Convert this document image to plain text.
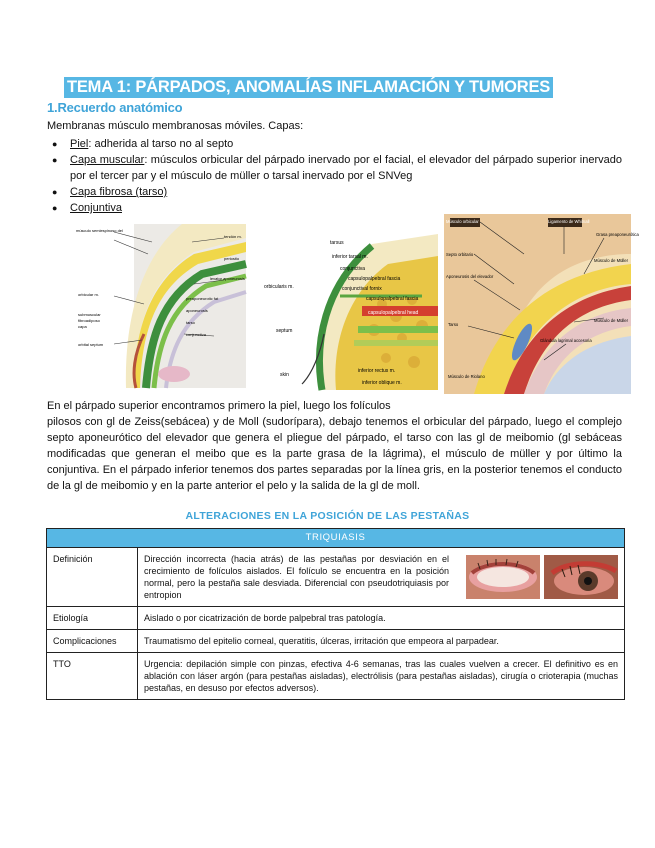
TEMA 1: PÁRPADOS, ANOMALÍAS INFLAMACIÓN Y TUMORES
1.Recuerdo anatómico
Membranas músculo membranosas móviles. Capas:
● Piel: adherida al tarso no al septo
● Capa muscular: músculos orbicular del párpado inervado por el facial, el elevador del párpado superior inervado por el tercer par y el músculo de müller o tarsal inervado por el SNVeg
● Capa fibrosa (tarso)
● Conjuntiva
músculo semiespinoso del
tendón m.
periostio
orbicular m.
submuscular
fibroadiposo
capa
orbital septum
levator aponeurosis
tarso
aponeurosis
preaponeurotic fat
conjunctiva
tarsus
inferior tarsal m.
conjunctiva
capsulopalpebral fascia
conjunctival fornix
capsulopalpebral fascia
capsulopalpebral head
orbicularis m.
septum
skin
inferior rectus m.
inferior oblique m.
Músculo orbicular	Ligamento de Whitnall
Grasa preaponeurótica
Septo orbitario
Músculo de Müller
Aponeurosis del elevador
Tarso
Músculo de Müller
Glándula lagrimal accesoria
Músculo de Riolano
En el párpado superior encontramos primero la piel, luego los folículos
pilosos con gl de Zeiss(sebácea) y de Moll (sudorípara), debajo tenemos el orbicular del párpado, luego el complejo septo aponeurótico del elevador que genera el pliegue del párpado, el tarso con las gl de meibomio (gl sebáceas modificadas que generan el meibo que es la parte grasa de la lágrima), el músculo de müller y por último la conjuntiva. En el párpado inferior tenemos dos partes separadas por la línea gris, en la posterior tenemos el conducto de la gl de meibomio y en la parte anterior el pelo y la salida de la gl de moll.
ALTERACIONES EN LA POSICIÓN DE LAS PESTAÑAS
TRIQUIASIS	
Definición	Dirección incorrecta (hacia atrás) de las pestañas por desviación en el crecimiento de folículos aislados. El folículo se encuentra en la posición normal, pero la pestaña sale desviada. Diferencial con pseudotriquiasis por entropion

Etiología	Aislado o por cicatrización de borde palpebral tras patología.
Complicaciones	Traumatismo del epitelio corneal, queratitis, úlceras, irritación que empeora al parpadear.
TTO	Urgencia: depilación simple con pinzas, efectiva 4-6 semanas, tras las cuales vuelven a crecer. El definitivo es en ablación con láser argón (para pestañas aisladas), electrólisis (para pestañas aisladas), cirugía o crioterapia (muchas pestañas, en desuso por efectos adversos).
